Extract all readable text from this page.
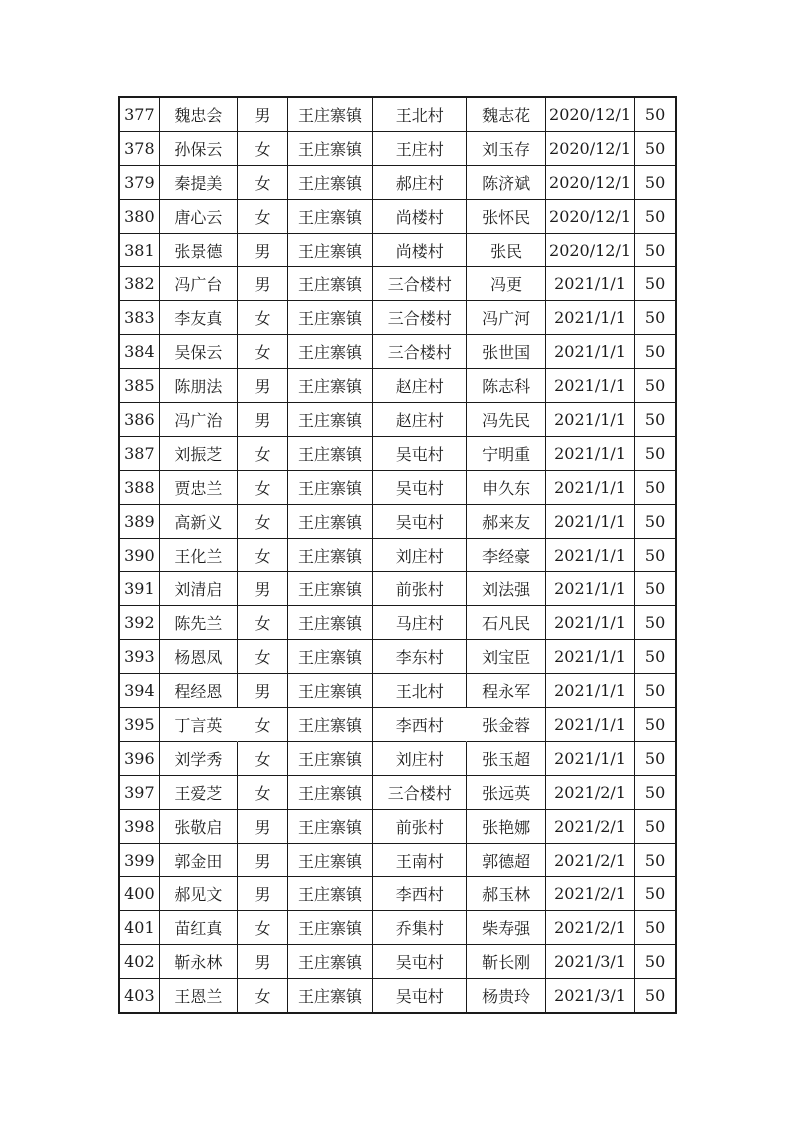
377	魏忠会	男	王庄寨镇	王北村	魏志花	2020/12/1	50
378	孙保云	女	王庄寨镇	王庄村	刘玉存	2020/12/1	50
379	秦提美	女	王庄寨镇	郝庄村	陈济斌	2020/12/1	50
380	唐心云	女	王庄寨镇	尚楼村	张怀民	2020/12/1	50
381	张景德	男	王庄寨镇	尚楼村	张民	2020/12/1	50
382	冯广台	男	王庄寨镇	三合楼村	冯更	2021/1/1	50
383	李友真	女	王庄寨镇	三合楼村	冯广河	2021/1/1	50
384	吴保云	女	王庄寨镇	三合楼村	张世国	2021/1/1	50
385	陈朋法	男	王庄寨镇	赵庄村	陈志科	2021/1/1	50
386	冯广治	男	王庄寨镇	赵庄村	冯先民	2021/1/1	50
387	刘振芝	女	王庄寨镇	吴屯村	宁明重	2021/1/1	50
388	贾忠兰	女	王庄寨镇	吴屯村	申久东	2021/1/1	50
389	高新义	女	王庄寨镇	吴屯村	郝来友	2021/1/1	50
390	王化兰	女	王庄寨镇	刘庄村	李经豪	2021/1/1	50
391	刘清启	男	王庄寨镇	前张村	刘法强	2021/1/1	50
392	陈先兰	女	王庄寨镇	马庄村	石凡民	2021/1/1	50
393	杨恩凤	女	王庄寨镇	李东村	刘宝臣	2021/1/1	50
394	程经恩	男	王庄寨镇	王北村	程永军	2021/1/1	50
395	丁言英	女	王庄寨镇	李西村	张金蓉	2021/1/1	50
396	刘学秀	女	王庄寨镇	刘庄村	张玉超	2021/1/1	50
397	王爱芝	女	王庄寨镇	三合楼村	张远英	2021/2/1	50
398	张敬启	男	王庄寨镇	前张村	张艳娜	2021/2/1	50
399	郭金田	男	王庄寨镇	王南村	郭德超	2021/2/1	50
400	郝见文	男	王庄寨镇	李西村	郝玉林	2021/2/1	50
401	苗红真	女	王庄寨镇	乔集村	柴寿强	2021/2/1	50
402	靳永林	男	王庄寨镇	吴屯村	靳长刚	2021/3/1	50
403	王恩兰	女	王庄寨镇	吴屯村	杨贵玲	2021/3/1	50
